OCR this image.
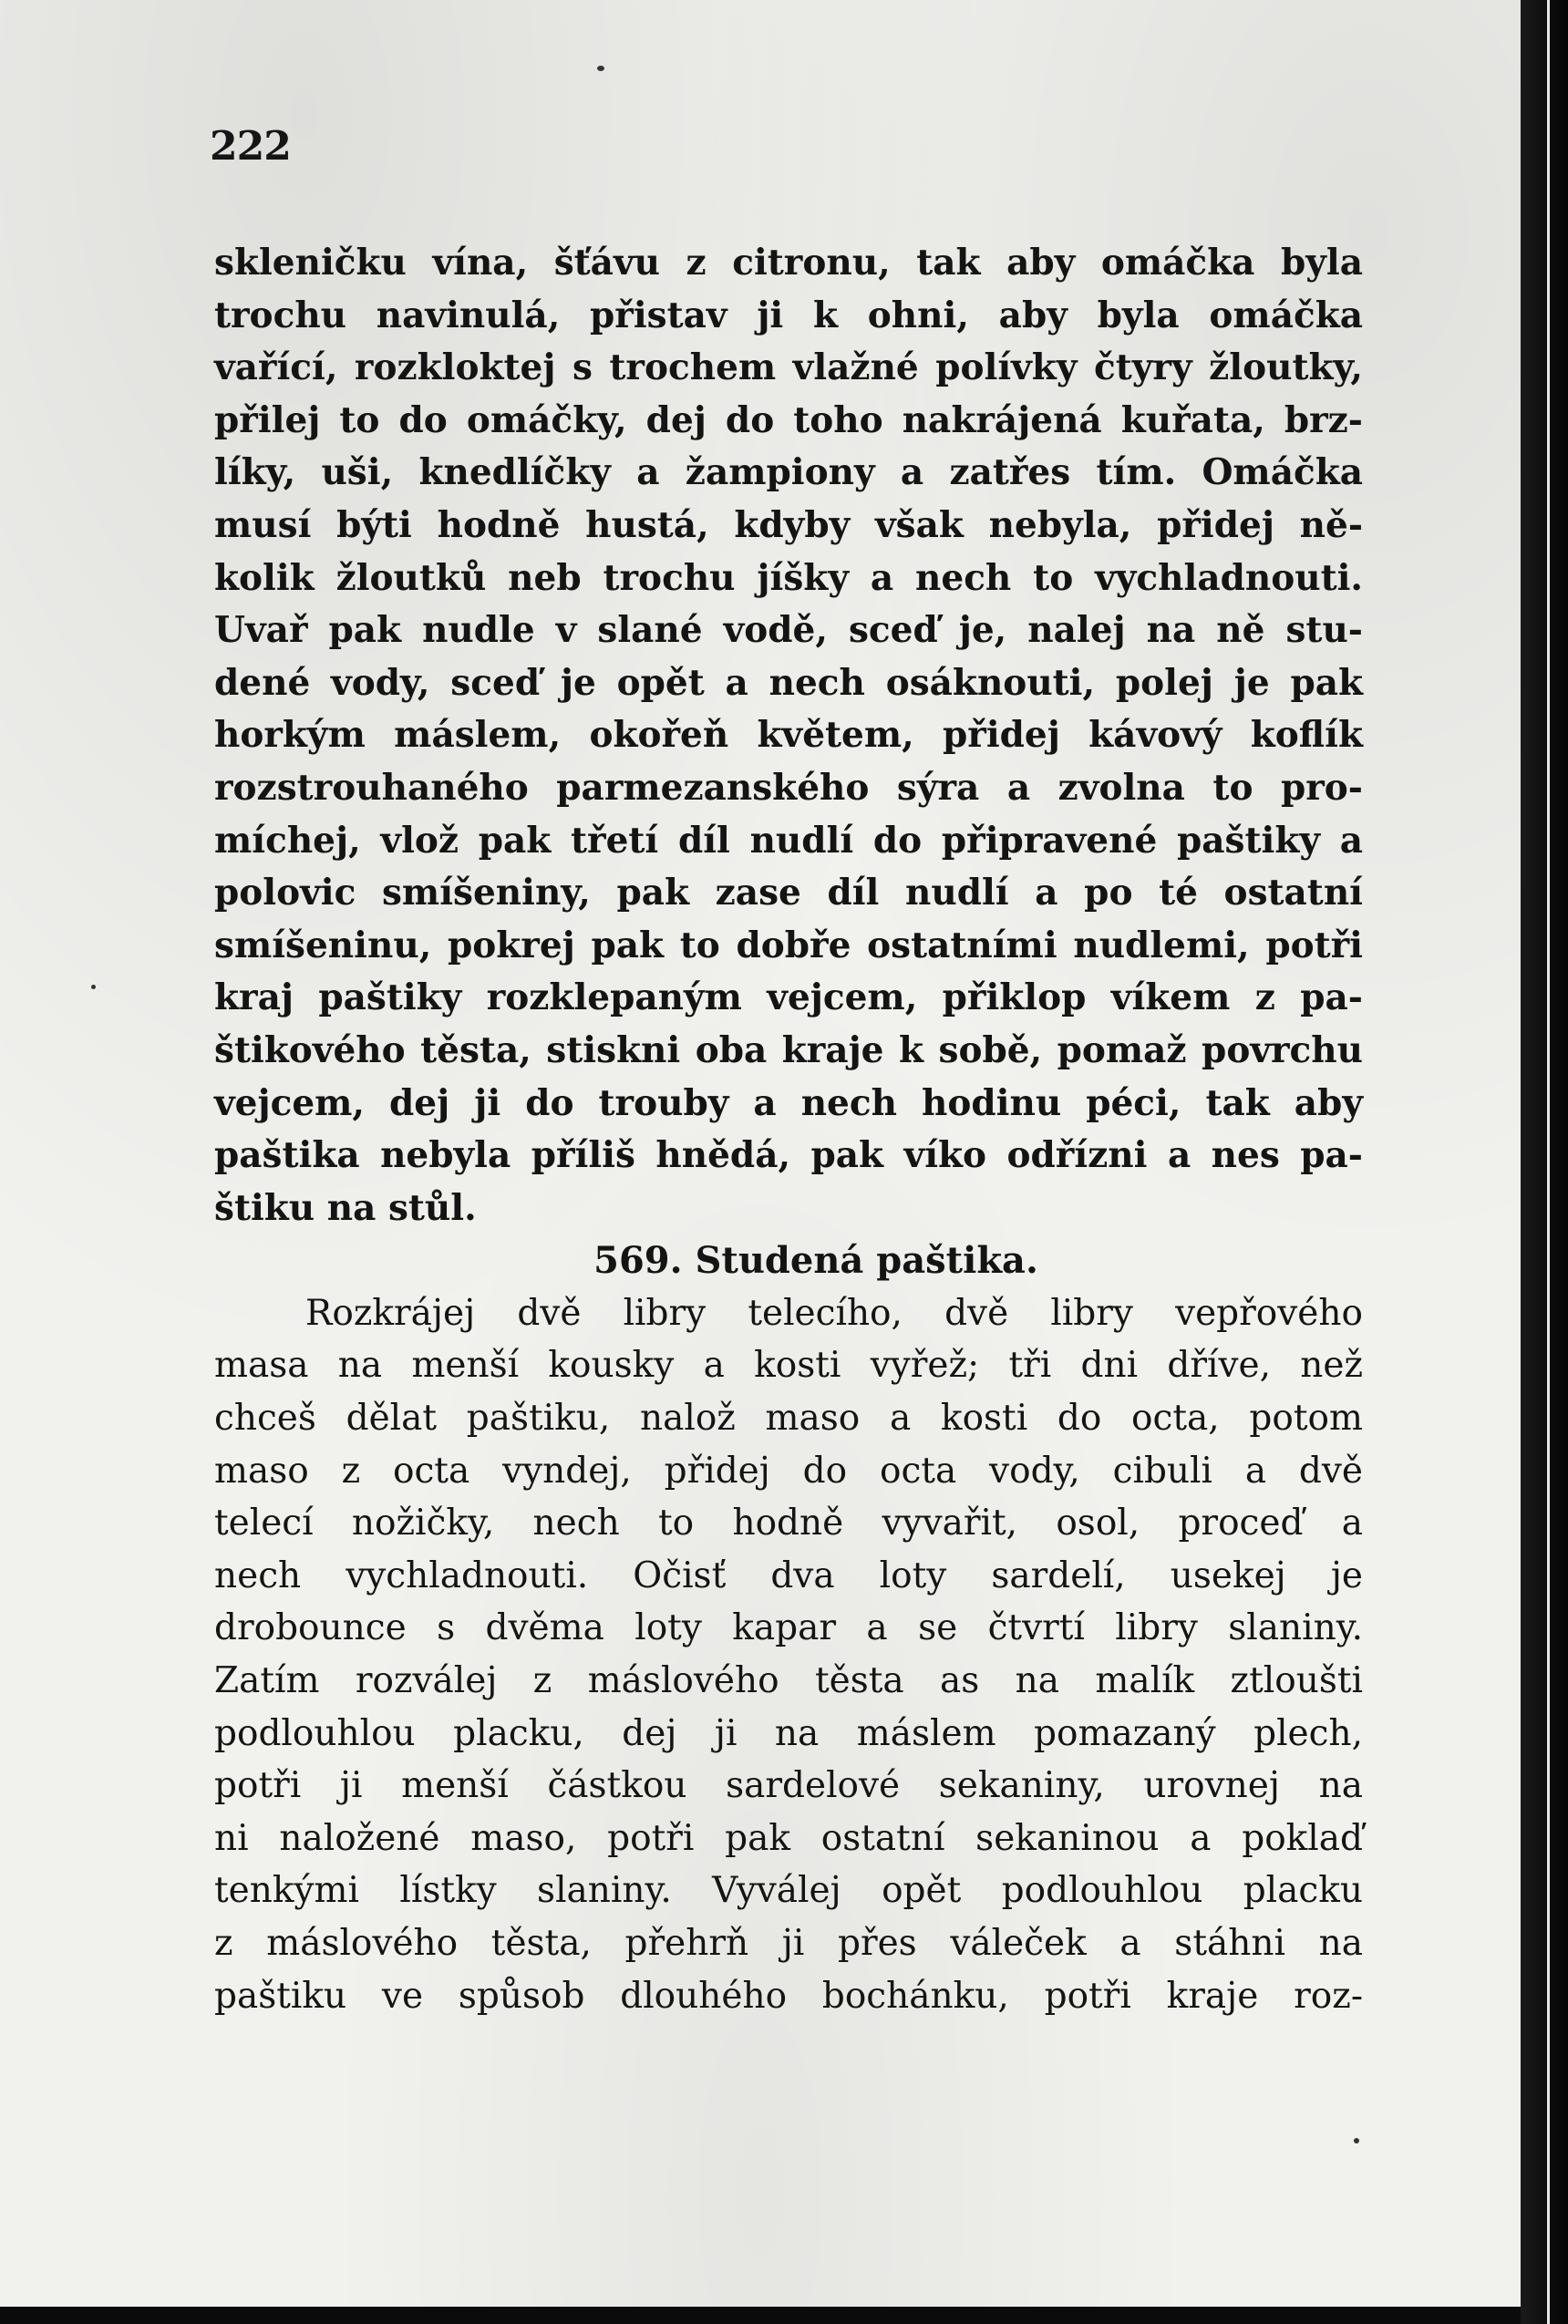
222
skleničku vína, šťávu z citronu, tak aby omáčka byla
trochu navinulá, přistav ji k ohni, aby byla omáčka
vařící, rozkloktej s trochem vlažné polívky čtyry žloutky,
přilej to do omáčky, dej do toho nakrájená kuřata, brz-
líky, uši, knedlíčky a žampiony a zatřes tím. Omáčka
musí býti hodně hustá, kdyby však nebyla, přidej ně-
kolik žloutků neb trochu jíšky a nech to vychladnouti.
Uvař pak nudle v slané vodě, sceď je, nalej na ně stu-
dené vody, sceď je opět a nech osáknouti, polej je pak
horkým máslem, okořeň květem, přidej kávový koflík
rozstrouhaného parmezanského sýra a zvolna to pro-
míchej, vlož pak třetí díl nudlí do připravené paštiky a
polovic smíšeniny, pak zase díl nudlí a po té ostatní
smíšeninu, pokrej pak to dobře ostatními nudlemi, potři
kraj paštiky rozklepaným vejcem, přiklop víkem z pa-
štikového těsta, stiskni oba kraje k sobě, pomaž povrchu
vejcem, dej ji do trouby a nech hodinu péci, tak aby
paštika nebyla příliš hnědá, pak víko odřízni a nes pa-
štiku na stůl.
569. Studená paštika.
Rozkrájej dvě libry telecího, dvě libry vepřového
masa na menší kousky a kosti vyřež; tři dni dříve, než
chceš dělat paštiku, nalož maso a kosti do octa, potom
maso z octa vyndej, přidej do octa vody, cibuli a dvě
telecí nožičky, nech to hodně vyvařit, osol, proceď a
nech vychladnouti. Očisť dva loty sardelí, usekej je
drobounce s dvěma loty kapar a se čtvrtí libry slaniny.
Zatím rozválej z máslového těsta as na malík ztloušti
podlouhlou placku, dej ji na máslem pomazaný plech,
potři ji menší částkou sardelové sekaniny, urovnej na
ni naložené maso, potři pak ostatní sekaninou a poklaď
tenkými lístky slaniny. Vyválej opět podlouhlou placku
z máslového těsta, přehrň ji přes váleček a stáhni na
paštiku ve spůsob dlouhého bochánku, potři kraje roz-
